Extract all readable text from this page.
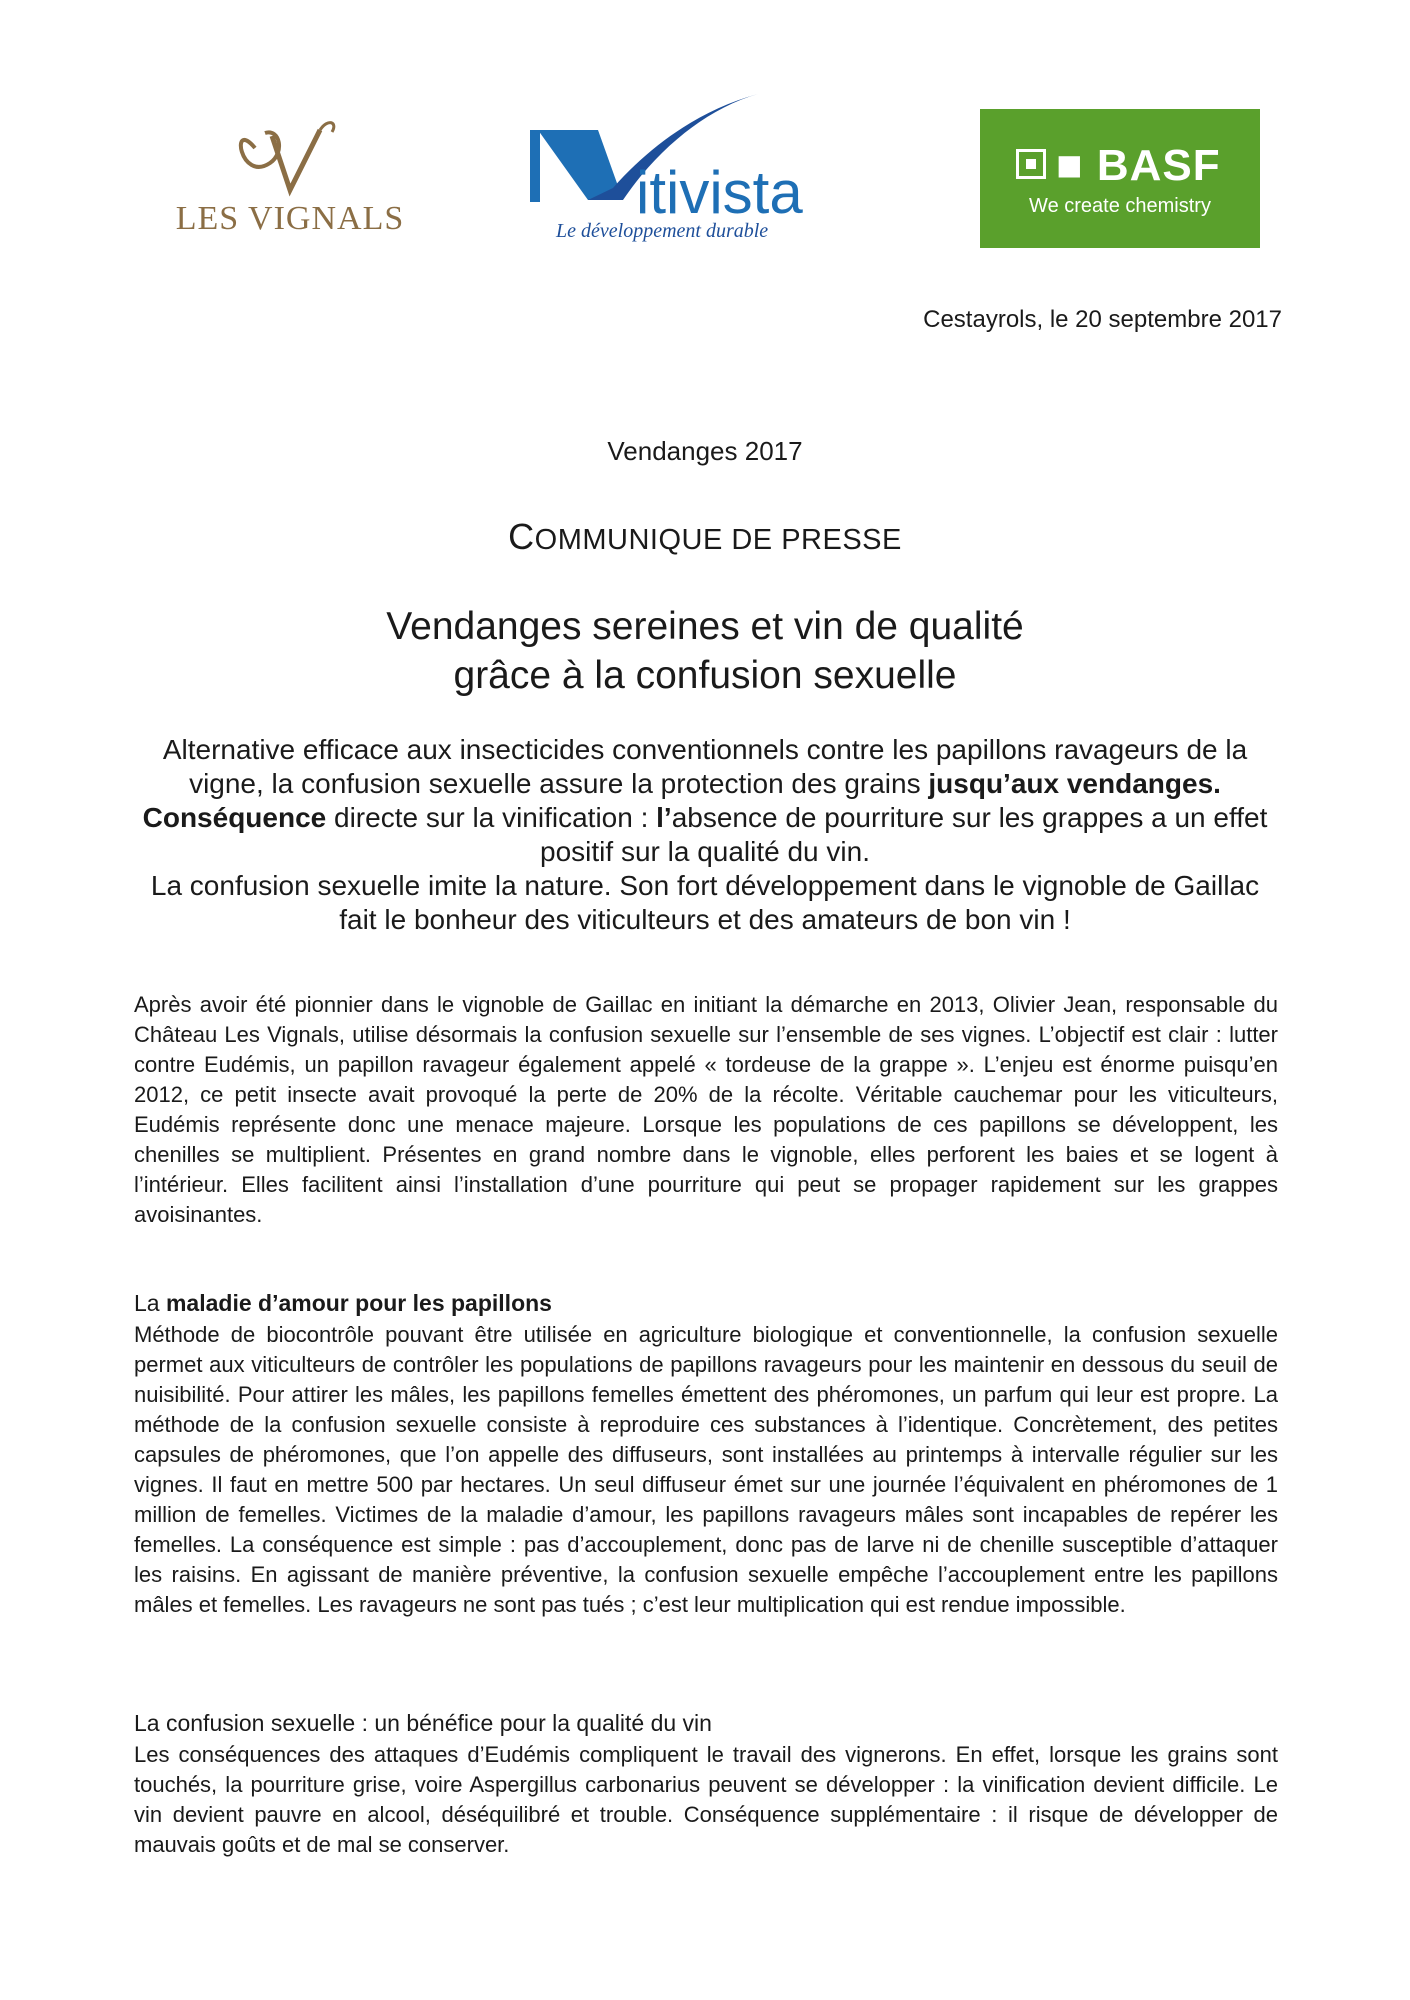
LES VIGNALS	itivista
Le développement durable
■ BASF
We create chemistry
Cestayrols, le 20 septembre 2017
Vendanges 2017
COMMUNIQUE DE PRESSE
Vendanges sereines et vin de qualité
grâce à la confusion sexuelle
Alternative efficace aux insecticides conventionnels contre les papillons ravageurs de la vigne, la confusion sexuelle assure la protection des grains jusqu’aux vendanges. Conséquence directe sur la vinification : l’absence de pourriture sur les grappes a un effet positif sur la qualité du vin.
La confusion sexuelle imite la nature. Son fort développement dans le vignoble de Gaillac fait le bonheur des viticulteurs et des amateurs de bon vin !
Après avoir été pionnier dans le vignoble de Gaillac en initiant la démarche en 2013, Olivier Jean, responsable du Château Les Vignals, utilise désormais la confusion sexuelle sur l’ensemble de ses vignes. L’objectif est clair : lutter contre Eudémis, un papillon ravageur également appelé « tordeuse de la grappe ». L’enjeu est énorme puisqu’en 2012, ce petit insecte avait provoqué la perte de 20% de la récolte. Véritable cauchemar pour les viticulteurs, Eudémis représente donc une menace majeure. Lorsque les populations de ces papillons se développent, les chenilles se multiplient. Présentes en grand nombre dans le vignoble, elles perforent les baies et se logent à l’intérieur. Elles facilitent ainsi l’installation d’une pourriture qui peut se propager rapidement sur les grappes avoisinantes.
La maladie d’amour pour les papillons
Méthode de biocontrôle pouvant être utilisée en agriculture biologique et conventionnelle, la confusion sexuelle permet aux viticulteurs de contrôler les populations de papillons ravageurs pour les maintenir en dessous du seuil de nuisibilité. Pour attirer les mâles, les papillons femelles émettent des phéromones, un parfum qui leur est propre. La méthode de la confusion sexuelle consiste à reproduire ces substances à l’identique. Concrètement, des petites capsules de phéromones, que l’on appelle des diffuseurs, sont installées au printemps à intervalle régulier sur les vignes. Il faut en mettre 500 par hectares. Un seul diffuseur émet sur une journée l’équivalent en phéromones de 1 million de femelles. Victimes de la maladie d’amour, les papillons ravageurs mâles sont incapables de repérer les femelles. La conséquence est simple : pas d’accouplement, donc pas de larve ni de chenille susceptible d’attaquer les raisins. En agissant de manière préventive, la confusion sexuelle empêche l’accouplement entre les papillons mâles et femelles. Les ravageurs ne sont pas tués ; c’est leur multiplication qui est rendue impossible.
La confusion sexuelle : un bénéfice pour la qualité du vin
Les conséquences des attaques d’Eudémis compliquent le travail des vignerons. En effet, lorsque les grains sont touchés, la pourriture grise, voire Aspergillus carbonarius peuvent se développer : la vinification devient difficile. Le vin devient pauvre en alcool, déséquilibré et trouble. Conséquence supplémentaire : il risque de développer de mauvais goûts et de mal se conserver.
